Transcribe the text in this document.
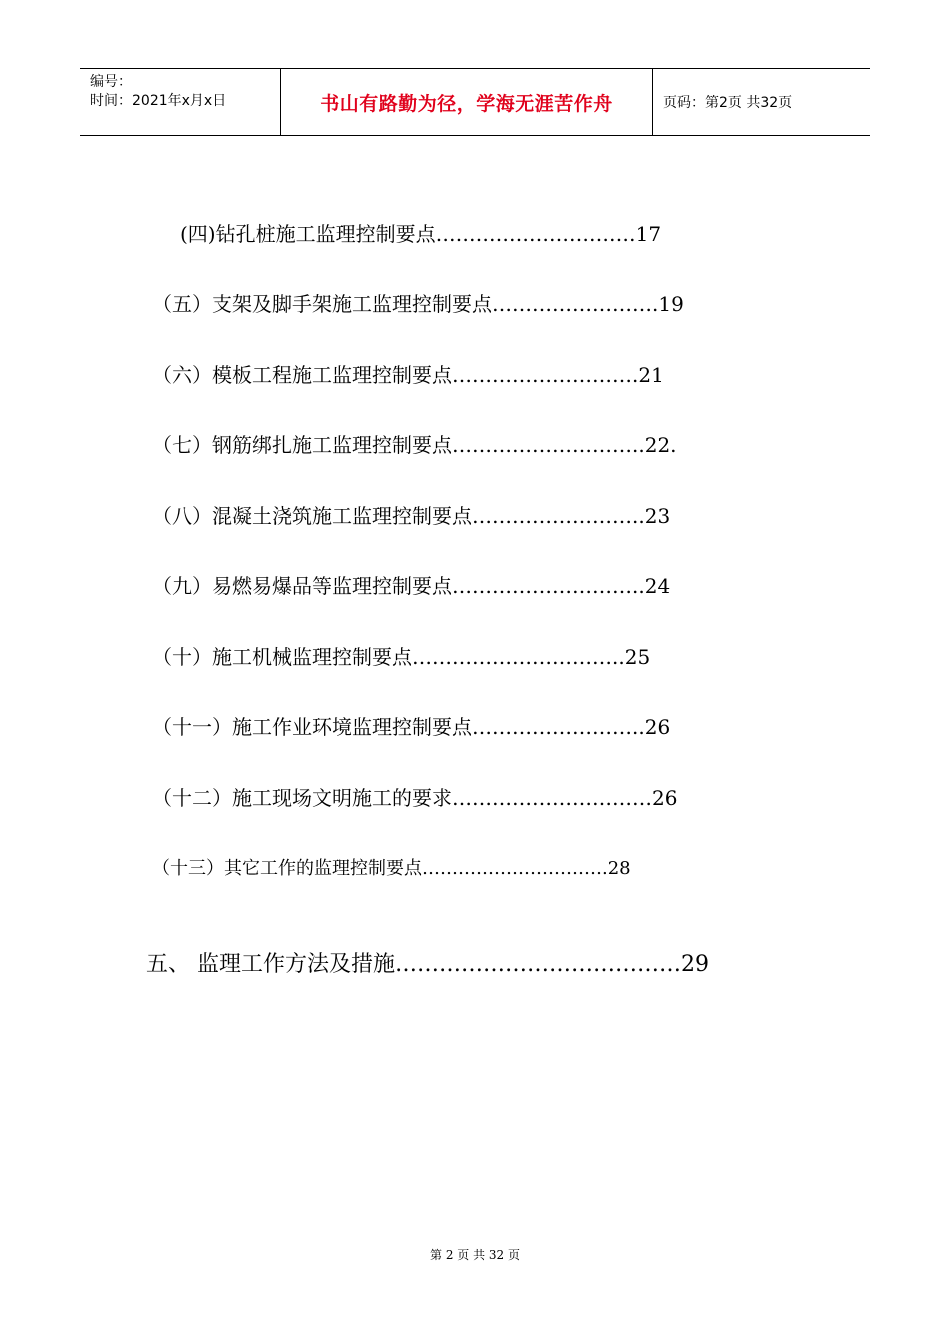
编号：
时间：2021年x月x日	书山有路勤为径，学海无涯苦作舟	页码：第2页 共32页
(四)钻孔桩施工监理控制要点…………………………17
（五）支架及脚手架施工监理控制要点…………………….19
（六）模板工程施工监理控制要点……………………….21
（七）钢筋绑扎施工监理控制要点………………………..22.
（八）混凝土浇筑施工监理控制要点……………………..23
（九）易燃易爆品等监理控制要点………………………..24
（十）施工机械监理控制要点…………………………..25
（十一）施工作业环境监理控制要点……………………..26
（十二）施工现场文明施工的要求…………………………26
（十三）其它工作的监理控制要点………………………….28
五、 监理工作方法及措施…………………………………29
第 2 页 共 32 页
